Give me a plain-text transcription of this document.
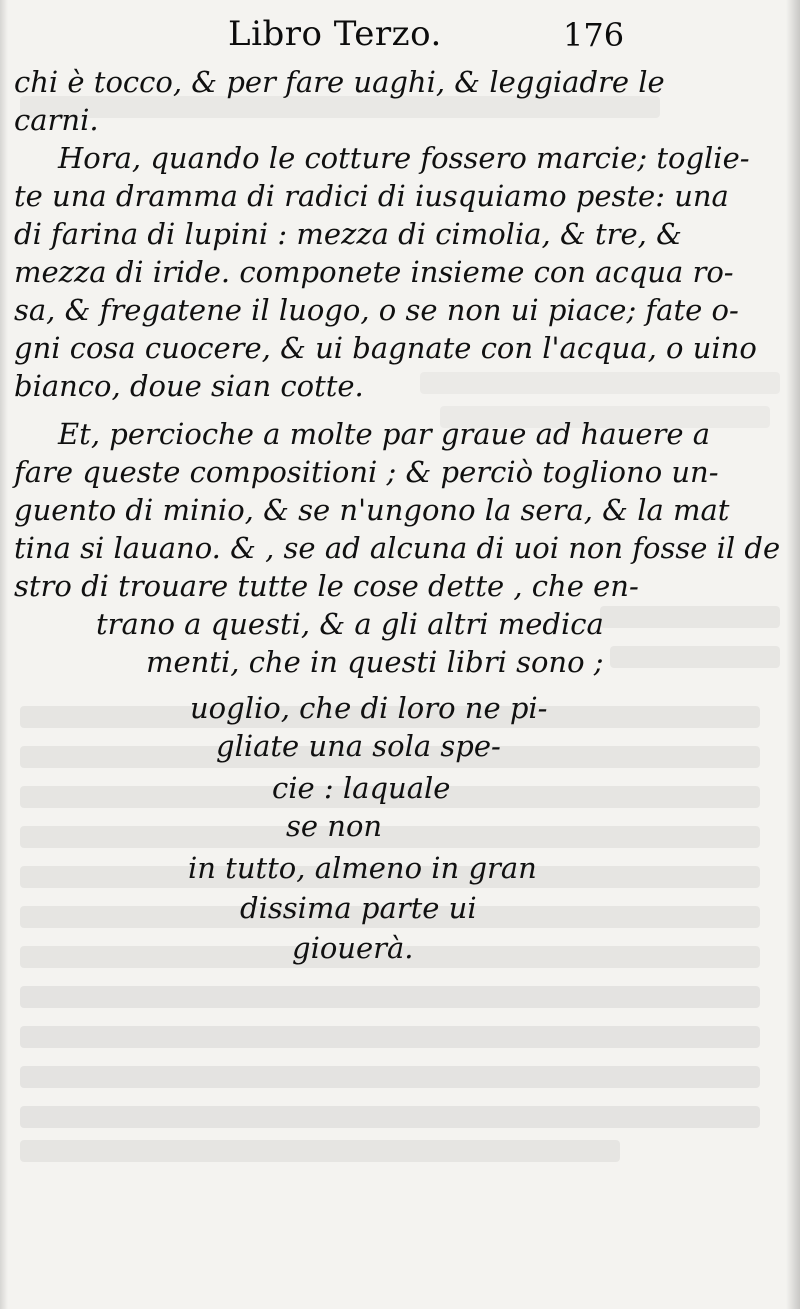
Libro Terzo.	176
chi è tocco, & per fare uaghi, & leggiadre le
carni.
Hora, quando le cotture fossero marcie; toglie-
te una dramma di radici di iusquiamo peste: una
di farina di lupini : mezza di cimolia, & tre, &
mezza di iride. componete insieme con acqua ro-
sa, & fregatene il luogo, o se non ui piace; fate o-
gni cosa cuocere, & ui bagnate con l'acqua, o uino
bianco, doue sian cotte.
Et, percioche a molte par graue ad hauere a
fare queste compositioni ; & perciò togliono un-
guento di minio, & se n'ungono la sera, & la mat
tina si lauano. & , se ad alcuna di uoi non fosse il de
stro di trouare tutte le cose dette , che en-
trano a questi, & a gli altri medica
menti, che in questi libri sono ;
uoglio, che di loro ne pi-
gliate una sola spe-
cie : laquale
se non
in tutto, almeno in gran
dissima parte ui
giouerà.
